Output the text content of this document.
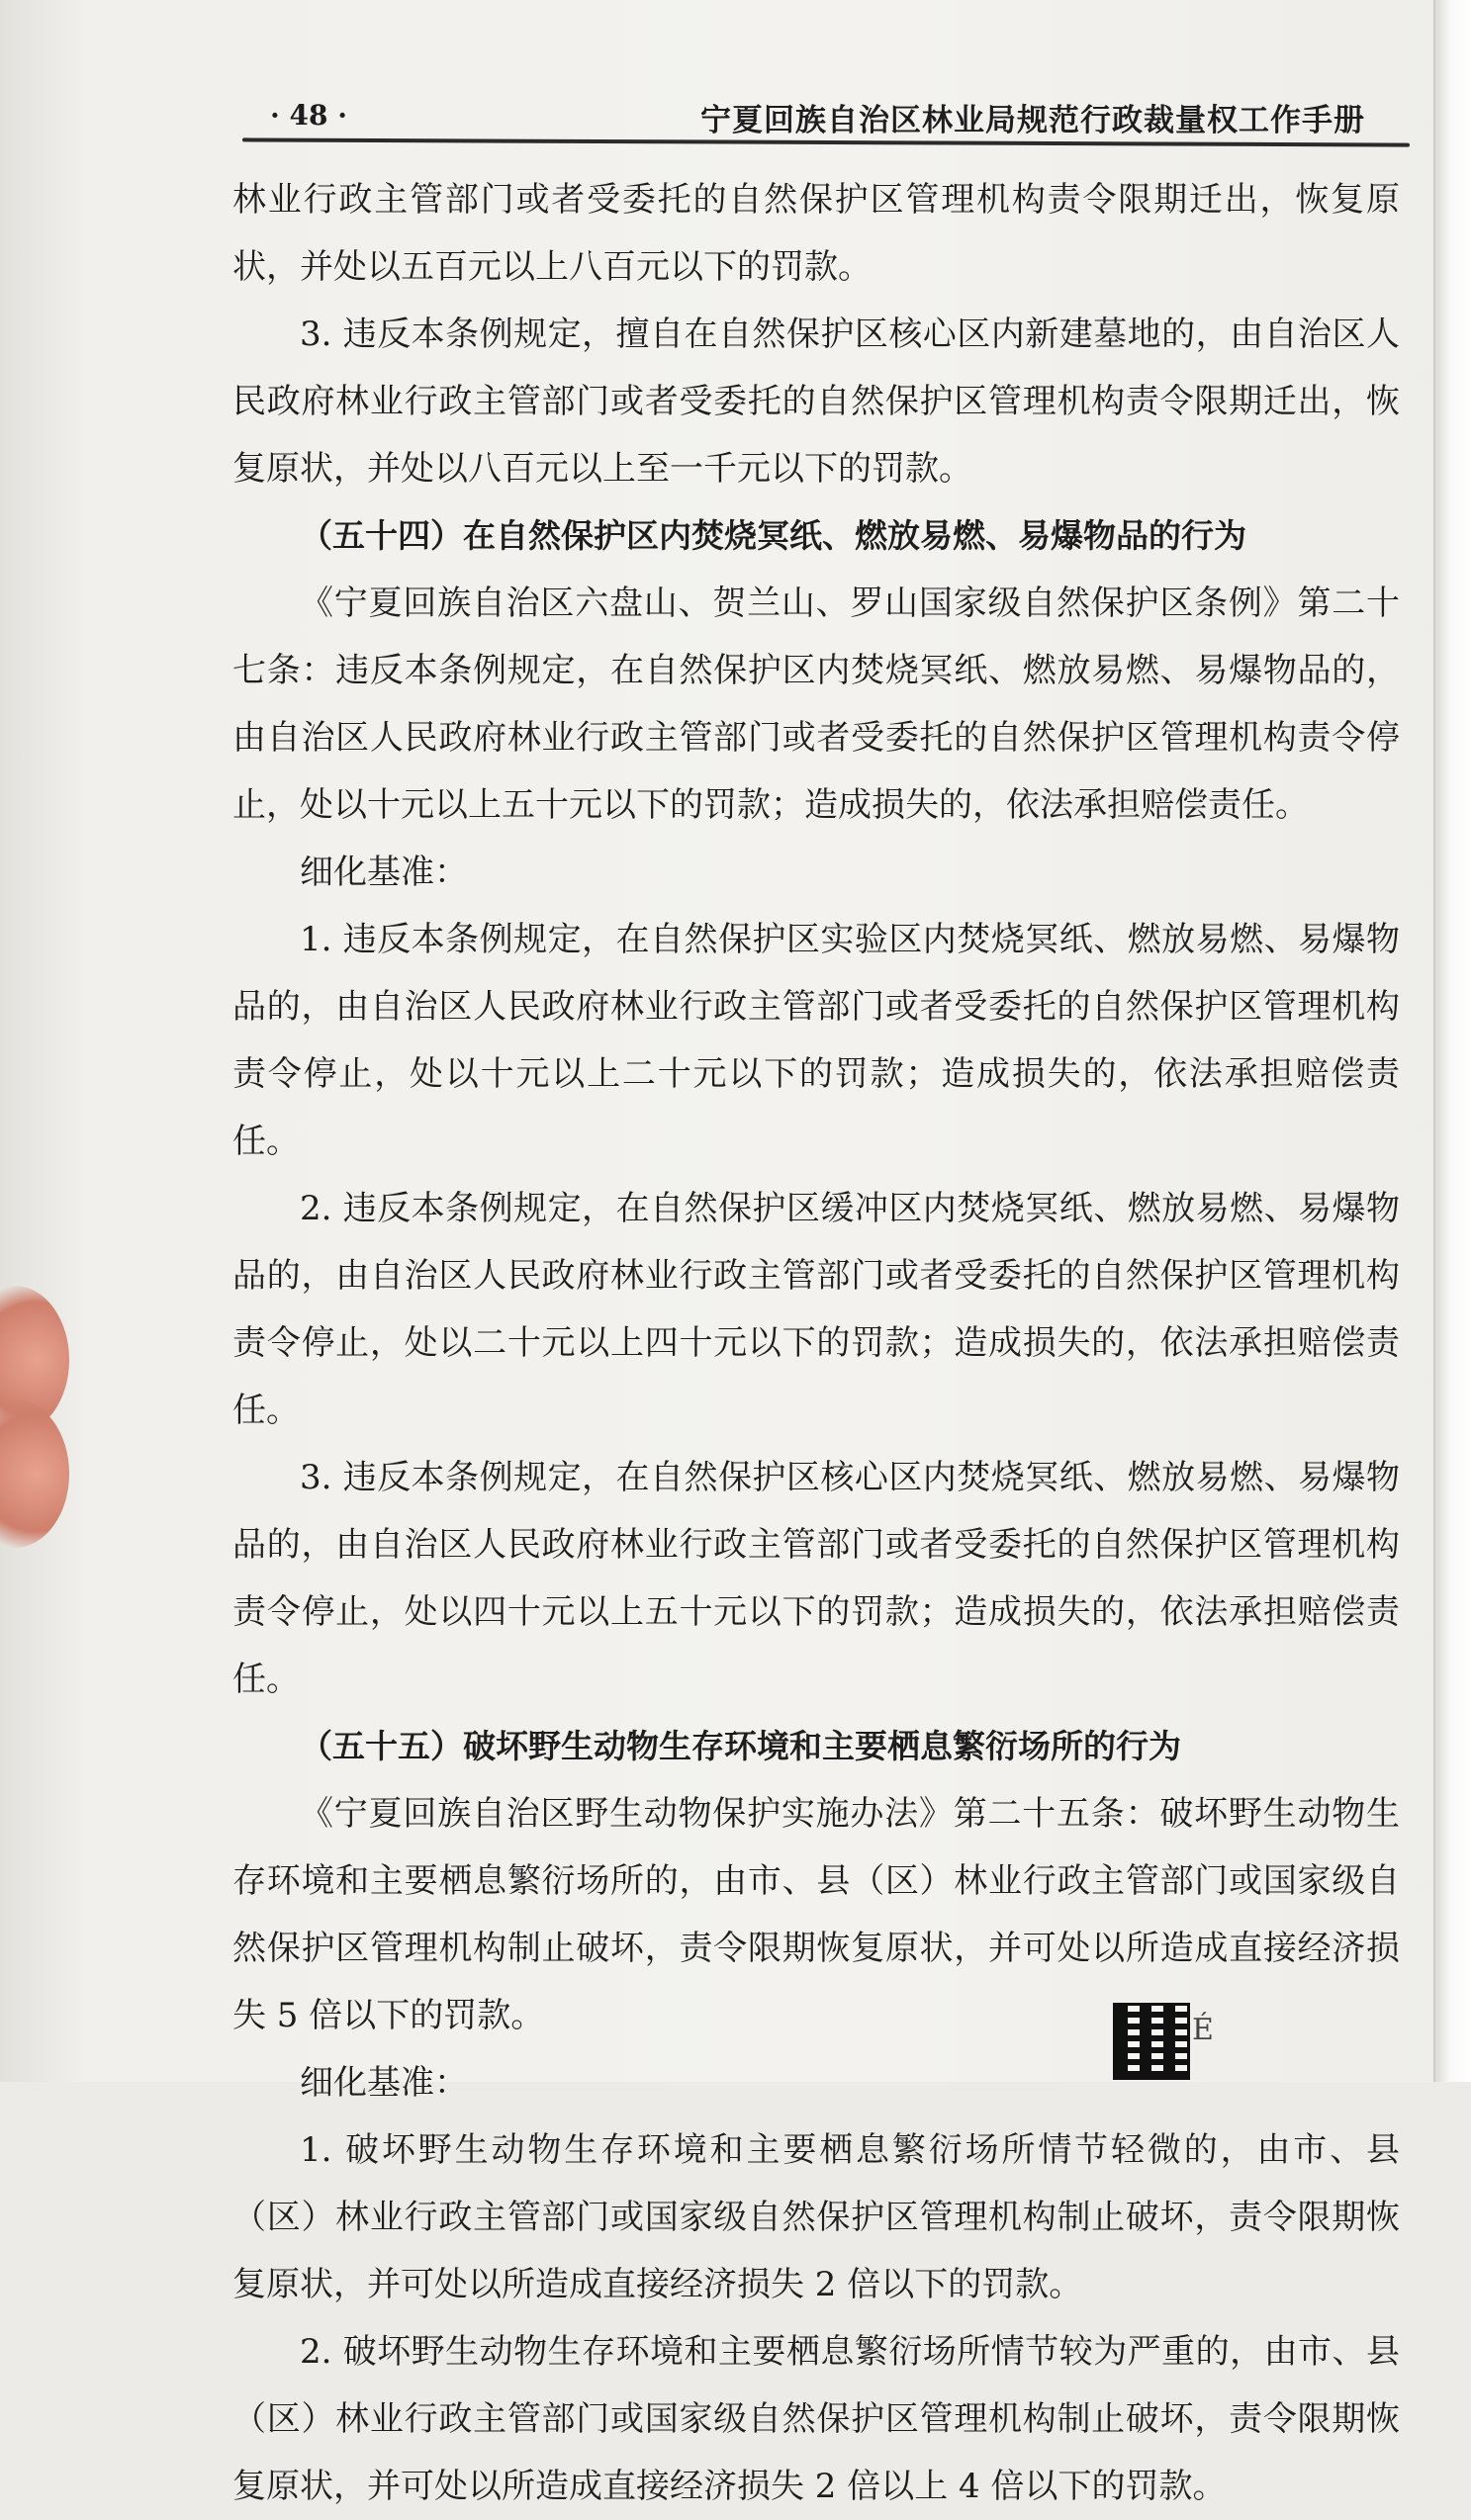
· 48 ·	宁夏回族自治区林业局规范行政裁量权工作手册

林业行政主管部门或者受委托的自然保护区管理机构责令限期迁出，恢复原状，并处以五百元以上八百元以下的罚款。

3. 违反本条例规定，擅自在自然保护区核心区内新建墓地的，由自治区人民政府林业行政主管部门或者受委托的自然保护区管理机构责令限期迁出，恢复原状，并处以八百元以上至一千元以下的罚款。

（五十四）在自然保护区内焚烧冥纸、燃放易燃、易爆物品的行为

《宁夏回族自治区六盘山、贺兰山、罗山国家级自然保护区条例》第二十七条：违反本条例规定，在自然保护区内焚烧冥纸、燃放易燃、易爆物品的，由自治区人民政府林业行政主管部门或者受委托的自然保护区管理机构责令停止，处以十元以上五十元以下的罚款；造成损失的，依法承担赔偿责任。

细化基准：

1. 违反本条例规定，在自然保护区实验区内焚烧冥纸、燃放易燃、易爆物品的，由自治区人民政府林业行政主管部门或者受委托的自然保护区管理机构责令停止，处以十元以上二十元以下的罚款；造成损失的，依法承担赔偿责任。

2. 违反本条例规定，在自然保护区缓冲区内焚烧冥纸、燃放易燃、易爆物品的，由自治区人民政府林业行政主管部门或者受委托的自然保护区管理机构责令停止，处以二十元以上四十元以下的罚款；造成损失的，依法承担赔偿责任。

3. 违反本条例规定，在自然保护区核心区内焚烧冥纸、燃放易燃、易爆物品的，由自治区人民政府林业行政主管部门或者受委托的自然保护区管理机构责令停止，处以四十元以上五十元以下的罚款；造成损失的，依法承担赔偿责任。

（五十五）破坏野生动物生存环境和主要栖息繁衍场所的行为

《宁夏回族自治区野生动物保护实施办法》第二十五条：破坏野生动物生存环境和主要栖息繁衍场所的，由市、县（区）林业行政主管部门或国家级自然保护区管理机构制止破坏，责令限期恢复原状，并可处以所造成直接经济损失 5 倍以下的罚款。

细化基准：

1. 破坏野生动物生存环境和主要栖息繁衍场所情节轻微的，由市、县（区）林业行政主管部门或国家级自然保护区管理机构制止破坏，责令限期恢复原状，并可处以所造成直接经济损失 2 倍以下的罚款。

2. 破坏野生动物生存环境和主要栖息繁衍场所情节较为严重的，由市、县（区）林业行政主管部门或国家级自然保护区管理机构制止破坏，责令限期恢复原状，并可处以所造成直接经济损失 2 倍以上 4 倍以下的罚款。

É
